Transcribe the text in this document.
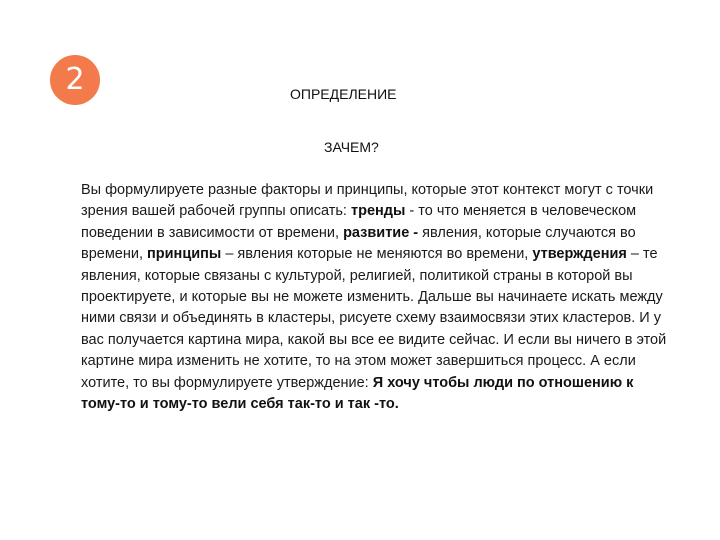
2	ОПРЕДЕЛЕНИЕ
ЗАЧЕМ?
Вы формулируете разные факторы и принципы, которые этот контекст могут с точки зрения вашей рабочей группы описать: тренды - то что меняется в человеческом поведении в зависимости от времени, развитие - явления, которые случаются во времени, принципы – явления которые не меняются во времени, утверждения – те явления, которые связаны с культурой, религией, политикой страны в которой вы проектируете, и которые вы не можете изменить. Дальше вы начинаете искать между ними связи и объединять в кластеры, рисуете схему взаимосвязи этих кластеров. И у вас получается картина мира, какой вы все ее видите сейчас. И если вы ничего в этой картине мира изменить не хотите, то на этом может завершиться процесс. А если хотите, то вы формулируете утверждение: Я хочу чтобы люди по отношению к тому-то и тому-то вели себя так-то и так -то.
